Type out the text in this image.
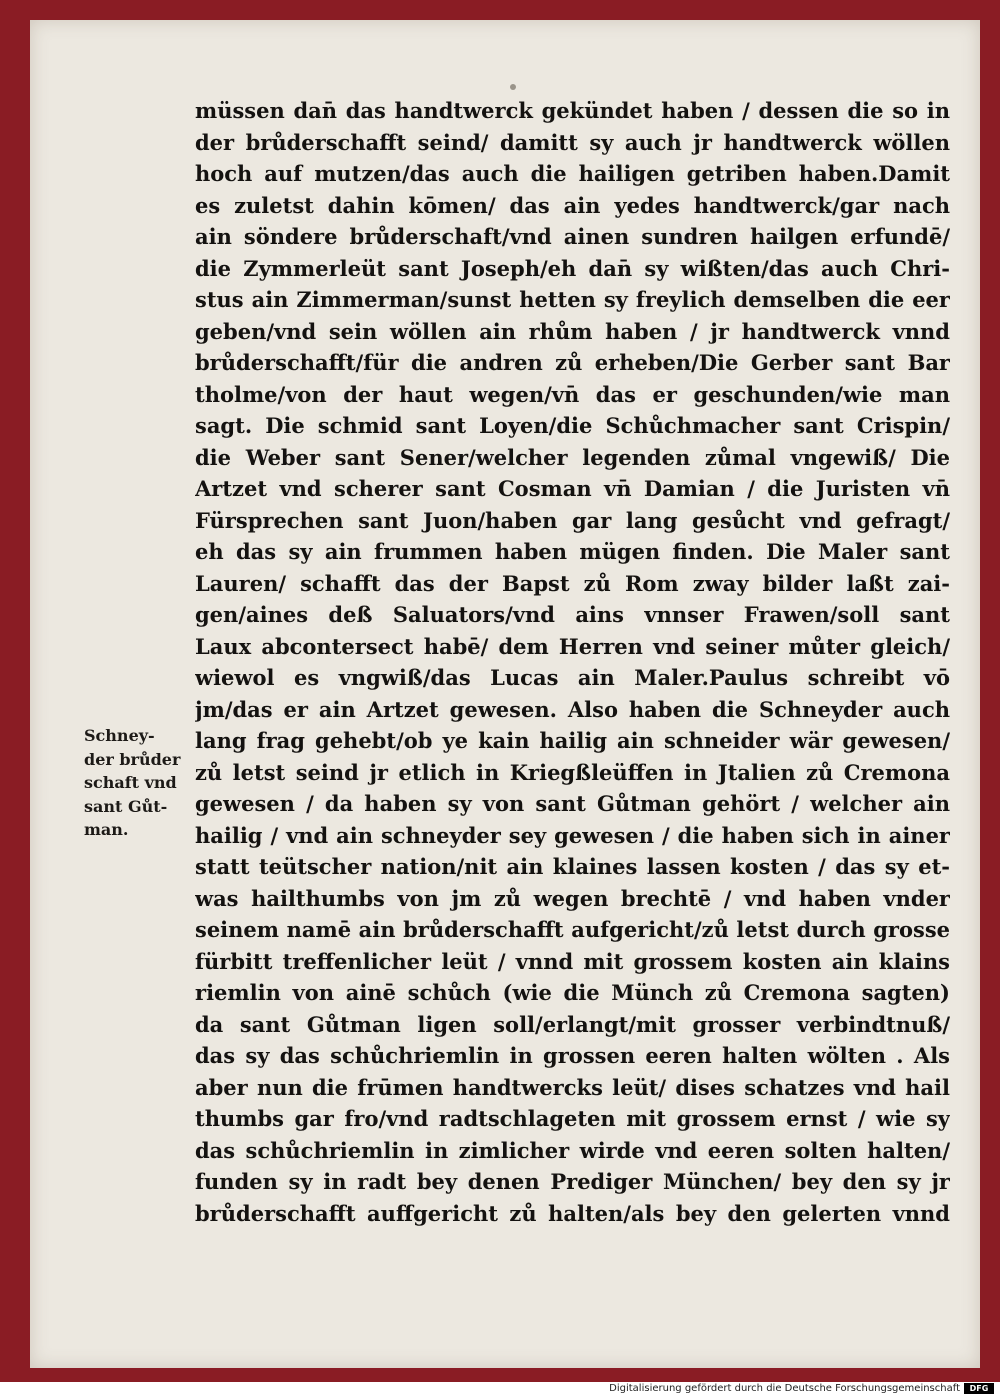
müssen dan̄ das handtwerck gekündet haben / dessen die so in
der brůderschafft seind/ damitt sy auch jr handtwerck wöllen
hoch auf mutzen/das auch die hailigen getriben haben.Damit
es zuletst dahin kōmen/ das ain yedes handtwerck/gar nach
ain söndere brůderschaft/vnd ainen sundren hailgen erfundē/
die Zymmerleüt sant Joseph/eh dan̄ sy wißten/das auch Chri-
stus ain Zimmerman/sunst hetten sy freylich demselben die eer
geben/vnd sein wöllen ain rhům haben / jr handtwerck vnnd
brůderschafft/für die andren zů erheben/Die Gerber sant Bar
tholme/von der haut wegen/vn̄ das er geschunden/wie man
sagt. Die schmid sant Loyen/die Schůchmacher sant Crispin/
die Weber sant Sener/welcher legenden zůmal vngewiß/ Die
Artzet vnd scherer sant Cosman vn̄ Damian / die Juristen vn̄
Fürsprechen sant Juon/haben gar lang gesůcht vnd gefragt/
eh das sy ain frummen haben mügen finden. Die Maler sant
Lauren/ schafft das der Bapst zů Rom zway bilder laßt zai-
gen/aines deß Saluators/vnd ains vnnser Frawen/soll sant
Laux abcontersect habē/ dem Herren vnd seiner můter gleich/
wiewol es vngwiß/das Lucas ain Maler.Paulus schreibt vō
jm/das er ain Artzet gewesen. Also haben die Schneyder auch
lang frag gehebt/ob ye kain hailig ain schneider wär gewesen/
zů letst seind jr etlich in Kriegßleüffen in Jtalien zů Cremona
gewesen / da haben sy von sant Gůtman gehört / welcher ain
hailig / vnd ain schneyder sey gewesen / die haben sich in ainer
statt teütscher nation/nit ain klaines lassen kosten / das sy et-
was hailthumbs von jm zů wegen brechtē / vnd haben vnder
seinem namē ain brůderschafft aufgericht/zů letst durch grosse
fürbitt treffenlicher leüt / vnnd mit grossem kosten ain klains
riemlin von ainē schůch (wie die Münch zů Cremona sagten)
da sant Gůtman ligen soll/erlangt/mit grosser verbindtnuß/
das sy das schůchriemlin in grossen eeren halten wölten . Als
aber nun die frūmen handtwercks leüt/ dises schatzes vnd hail
thumbs gar fro/vnd radtschlageten mit grossem ernst / wie sy
das schůchriemlin in zimlicher wirde vnd eeren solten halten/
funden sy in radt bey denen Prediger München/ bey den sy jr
brůderschafft auffgericht zů halten/als bey den gelerten vnnd
Schney-
der brůder
schaft vnd
sant Gůt-
man.
Digitalisierung gefördert durch die Deutsche Forschungsgemeinschaft	DFG
